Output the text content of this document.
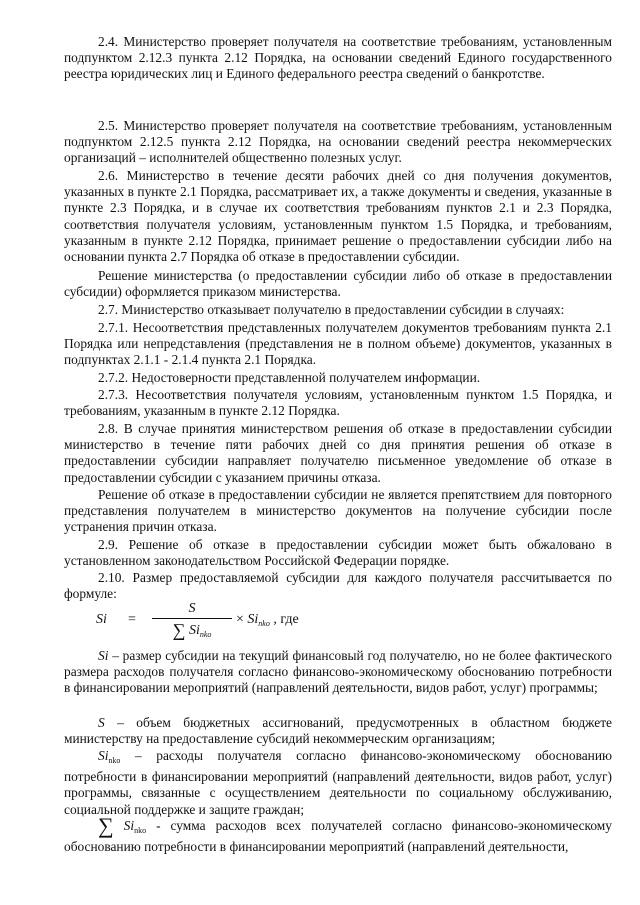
2.4. Министерство проверяет получателя на соответствие требованиям, установленным подпунктом 2.12.3 пункта 2.12 Порядка, на основании сведений Единого государственного реестра юридических лиц и Единого федерального реестра сведений о банкротстве.

2.5. Министерство проверяет получателя на соответствие требованиям, установленным подпунктом 2.12.5 пункта 2.12 Порядка, на основании сведений реестра некоммерческих организаций – исполнителей общественно полезных услуг.

2.6. Министерство в течение десяти рабочих дней со дня получения документов, указанных в пункте 2.1 Порядка, рассматривает их, а также документы и сведения, указанные в пункте 2.3 Порядка, и в случае их соответствия требованиям пунктов 2.1 и 2.3 Порядка, соответствия получателя условиям, установленным пунктом 1.5 Порядка, и требованиям, указанным в пункте 2.12 Порядка, принимает решение о предоставлении субсидии либо на основании пункта 2.7 Порядка об отказе в предоставлении субсидии.

Решение министерства (о предоставлении субсидии либо об отказе в предоставлении субсидии) оформляется приказом министерства.

2.7. Министерство отказывает получателю в предоставлении субсидии в случаях:

2.7.1. Несоответствия представленных получателем документов требованиям пункта 2.1 Порядка или непредставления (представления не в полном объеме) документов, указанных в подпунктах 2.1.1 - 2.1.4 пункта 2.1 Порядка.

2.7.2. Недостоверности представленной получателем информации.

2.7.3. Несоответствия получателя условиям, установленным пунктом 1.5 Порядка, и требованиям, указанным в пункте 2.12 Порядка.

2.8. В случае принятия министерством решения об отказе в предоставлении субсидии министерство в течение пяти рабочих дней со дня принятия решения об отказе в предоставлении субсидии направляет получателю письменное уведомление об отказе в предоставлении субсидии с указанием причины отказа.

Решение об отказе в предоставлении субсидии не является препятствием для повторного представления получателем в министерство документов на получение субсидии после устранения причин отказа.

2.9. Решение об отказе в предоставлении субсидии может быть обжаловано в установленном законодательством Российской Федерации порядке.

2.10. Размер предоставляемой субсидии для каждого получателя рассчитывается по формуле:

Si =
S
∑ $Si_{nko}$
× $Si_{nko}$ , где

Si – размер субсидии на текущий финансовый год получателю, но не более фактического размера расходов получателя согласно финансово-экономическому обоснованию потребности в финансировании мероприятий (направлений деятельности, видов работ, услуг) программы;

S – объем бюджетных ассигнований, предусмотренных в областном бюджете министерству на предоставление субсидий некоммерческим организациям;

$Si_{nko}$ – расходы получателя согласно финансово-экономическому обоснованию потребности в финансировании мероприятий (направлений деятельности, видов работ, услуг) программы, связанные с осуществлением деятельности по социальному обслуживанию, социальной поддержке и защите граждан;

∑ $Si_{nko}$ - сумма расходов всех получателей согласно финансово-экономическому обоснованию потребности в финансировании мероприятий (направлений деятельности,
